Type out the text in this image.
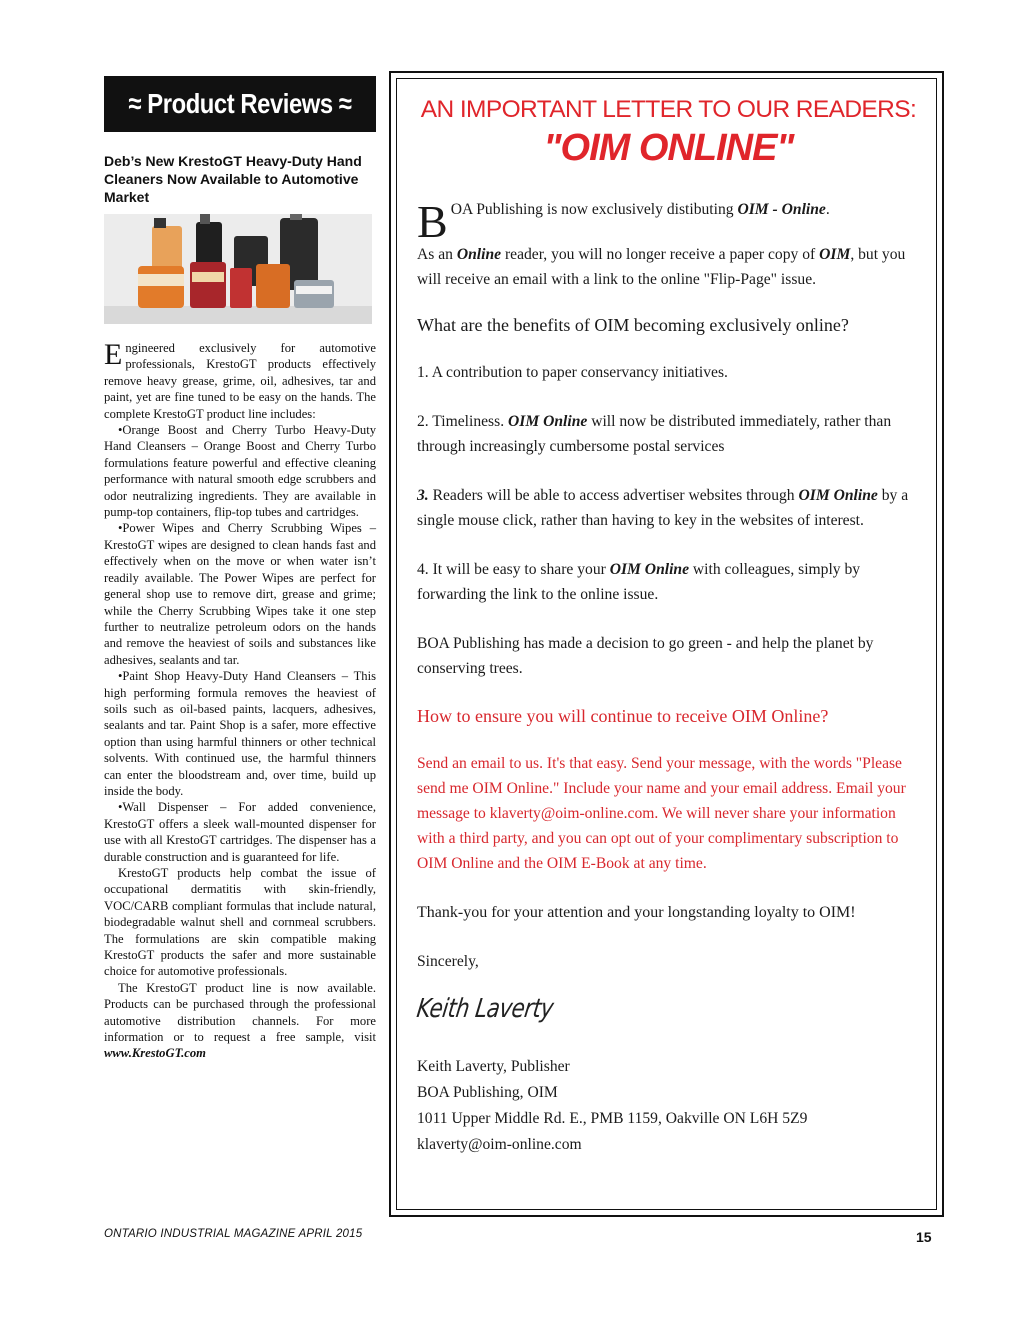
≈ Product Reviews ≈
Deb’s New KrestoGT Heavy-Duty Hand Cleaners Now Available to Automotive Market

Engineered exclusively for automotive professionals, KrestoGT products effectively remove heavy grease, grime, oil, adhesives, tar and paint, yet are fine tuned to be easy on the hands. The complete KrestoGT product line includes:

•Orange Boost and Cherry Turbo Heavy-Duty Hand Cleansers – Orange Boost and Cherry Turbo formulations feature powerful and effective cleaning performance with natural smooth edge scrubbers and odor neutralizing ingredients. They are available in pump-top containers, flip-top tubes and cartridges.

•Power Wipes and Cherry Scrubbing Wipes – KrestoGT wipes are designed to clean hands fast and effectively when on the move or when water isn’t readily available. The Power Wipes are perfect for general shop use to remove dirt, grease and grime; while the Cherry Scrubbing Wipes take it one step further to neutralize petroleum odors on the hands and remove the heaviest of soils and substances like adhesives, sealants and tar.

•Paint Shop Heavy-Duty Hand Cleansers – This high performing formula removes the heaviest of soils such as oil-based paints, lacquers, adhesives, sealants and tar. Paint Shop is a safer, more effective option than using harmful thinners or other technical solvents. With continued use, the harmful thinners can enter the bloodstream and, over time, build up inside the body.

•Wall Dispenser – For added convenience, KrestoGT offers a sleek wall-mounted dispenser for use with all KrestoGT cartridges. The dispenser has a durable construction and is guaranteed for life.

KrestoGT products help combat the issue of occupational dermatitis with skin-friendly, VOC/CARB compliant formulas that include natural, biodegradable walnut shell and cornmeal scrubbers. The formulations are skin compatible making KrestoGT products the safer and more sustainable choice for automotive professionals.

The KrestoGT product line is now available. Products can be purchased through the professional automotive distribution channels. For more information or to request a free sample, visit www.KrestoGT.com

ONTARIO INDUSTRIAL MAGAZINE APRIL 2015	15
AN IMPORTANT LETTER TO OUR READERS:
"OIM ONLINE"

BOA Publishing is now exclusively distibuting OIM - Online.

As an Online reader, you will no longer receive a paper copy of OIM, but you will receive an email with a link to the online "Flip-Page" issue.

What are the benefits of OIM becoming exclusively online?

1. A contribution to paper conservancy initiatives.

2. Timeliness. OIM Online will now be distributed immediately, rather than through increasingly cumbersome postal services

3. Readers will be able to access advertiser websites through OIM Online by a single mouse click, rather than having to key in the websites of interest.

4. It will be easy to share your OIM Online with colleagues, simply by forwarding the link to the online issue.

BOA Publishing has made a decision to go green - and help the planet by conserving trees.

How to ensure you will continue to receive OIM Online?

Send an email to us. It's that easy. Send your message, with the words "Please send me OIM Online." Include your name and your email address. Email your message to klaverty@oim-online.com. We will never share your information with a third party, and you can opt out of your complimentary subscription to OIM Online and the OIM E-Book at any time.

Thank-you for your attention and your longstanding loyalty to OIM!

Sincerely,

Keith Laverty

Keith Laverty, Publisher

BOA Publishing, OIM

1011 Upper Middle Rd. E., PMB 1159, Oakville ON L6H 5Z9

klaverty@oim-online.com
